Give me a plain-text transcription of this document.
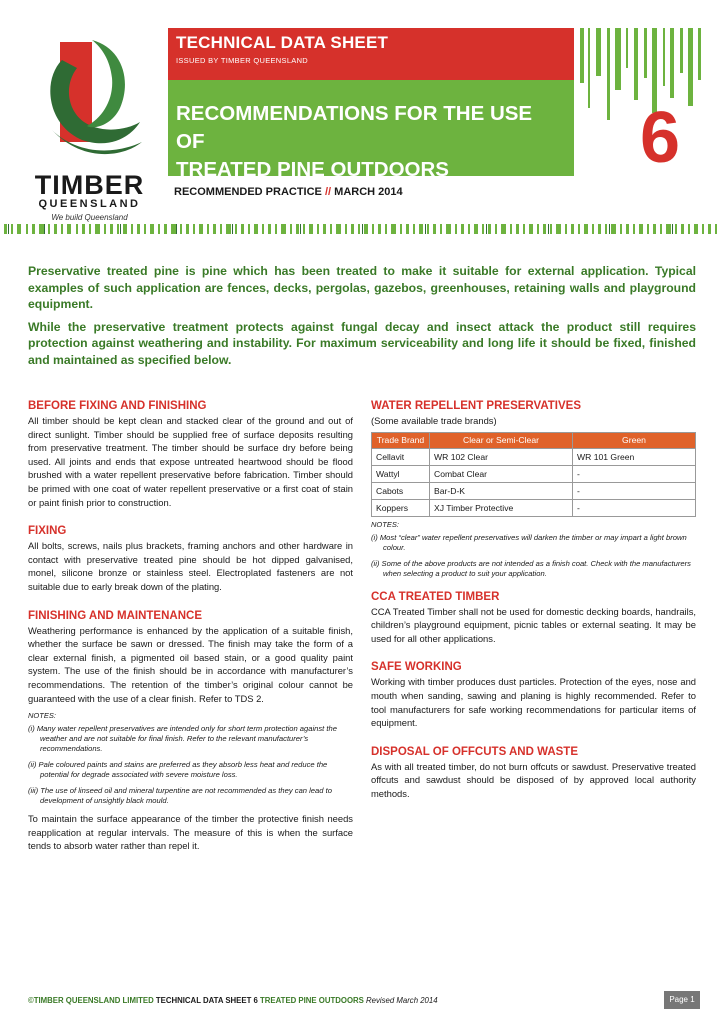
TIMBER
QUEENSLAND
We build Queensland
TECHNICAL DATA SHEET
ISSUED BY TIMBER QUEENSLAND
RECOMMENDATIONS FOR THE USE OF
TREATED PINE OUTDOORS	6
RECOMMENDED PRACTICE // MARCH 2014

Preservative treated pine is pine which has been treated to make it suitable for external application. Typical examples of such application are fences, decks, pergolas, gazebos, greenhouses, retaining walls and playground equipment.

While the preservative treatment protects against fungal decay and insect attack the product still requires protection against weathering and instability. For maximum serviceability and long life it should be fixed, finished and maintained as specified below.

BEFORE FIXING AND FINISHING

All timber should be kept clean and stacked clear of the ground and out of direct sunlight. Timber should be supplied free of surface deposits resulting from preservative treatment. The timber should be surface dry before being used. All joints and ends that expose untreated heartwood should be flood brushed with a water repellent preservative before fabrication. Timber should be primed with one coat of water repellent preservative or a first coat of stain or paint finish prior to construction.

FIXING

All bolts, screws, nails plus brackets, framing anchors and other hardware in contact with preservative treated pine should be hot dipped galvanised, monel, silicone bronze or stainless steel. Electroplated fasteners are not suitable due to early break down of the plating.

FINISHING AND MAINTENANCE

Weathering performance is enhanced by the application of a suitable finish, whether the surface be sawn or dressed. The finish may take the form of a clear external finish, a pigmented oil based stain, or a good quality paint system. The use of the finish should be in accordance with manufacturer’s recommendations. The retention of the timber’s original colour cannot be guaranteed with the use of a clear finish. Refer to TDS 2.

NOTES:
(i) Many water repellent preservatives are intended only for short term protection against the weather and are not suitable for final finish. Refer to the relevant manufacturer’s recommendations.
(ii) Pale coloured paints and stains are preferred as they absorb less heat and reduce the potential for degrade associated with severe moisture loss.
(iii) The use of linseed oil and mineral turpentine are not recommended as they can lead to development of unsightly black mould.

To maintain the surface appearance of the timber the protective finish needs reapplication at regular intervals. The measure of this is when the surface tends to absorb water rather than repel it.

WATER REPELLENT PRESERVATIVES

(Some available trade brands)

Trade Brand	Clear or Semi-Clear	Green
Cellavit	WR 102 Clear	WR 101 Green
Wattyl	Combat Clear	-
Cabots	Bar-D-K	-
Koppers	XJ Timber Protective	-
NOTES:
(i) Most “clear” water repellent preservatives will darken the timber or may impart a light brown colour.
(ii) Some of the above products are not intended as a finish coat. Check with the manufacturers when selecting a product to suit your application.
CCA TREATED TIMBER

CCA Treated Timber shall not be used for domestic decking boards, handrails, children’s playground equipment, picnic tables or external seating. It may be used for all other applications.

SAFE WORKING

Working with timber produces dust particles. Protection of the eyes, nose and mouth when sanding, sawing and planing is highly recommended. Refer to tool manufacturers for safe working recommendations for particular items of equipment.

DISPOSAL OF OFFCUTS AND WASTE

As with all treated timber, do not burn offcuts or sawdust. Preservative treated offcuts and sawdust should be disposed of by approved local authority methods.

©TIMBER QUEENSLAND LIMITED TECHNICAL DATA SHEET 6 TREATED PINE OUTDOORS Revised March 2014	Page 1
